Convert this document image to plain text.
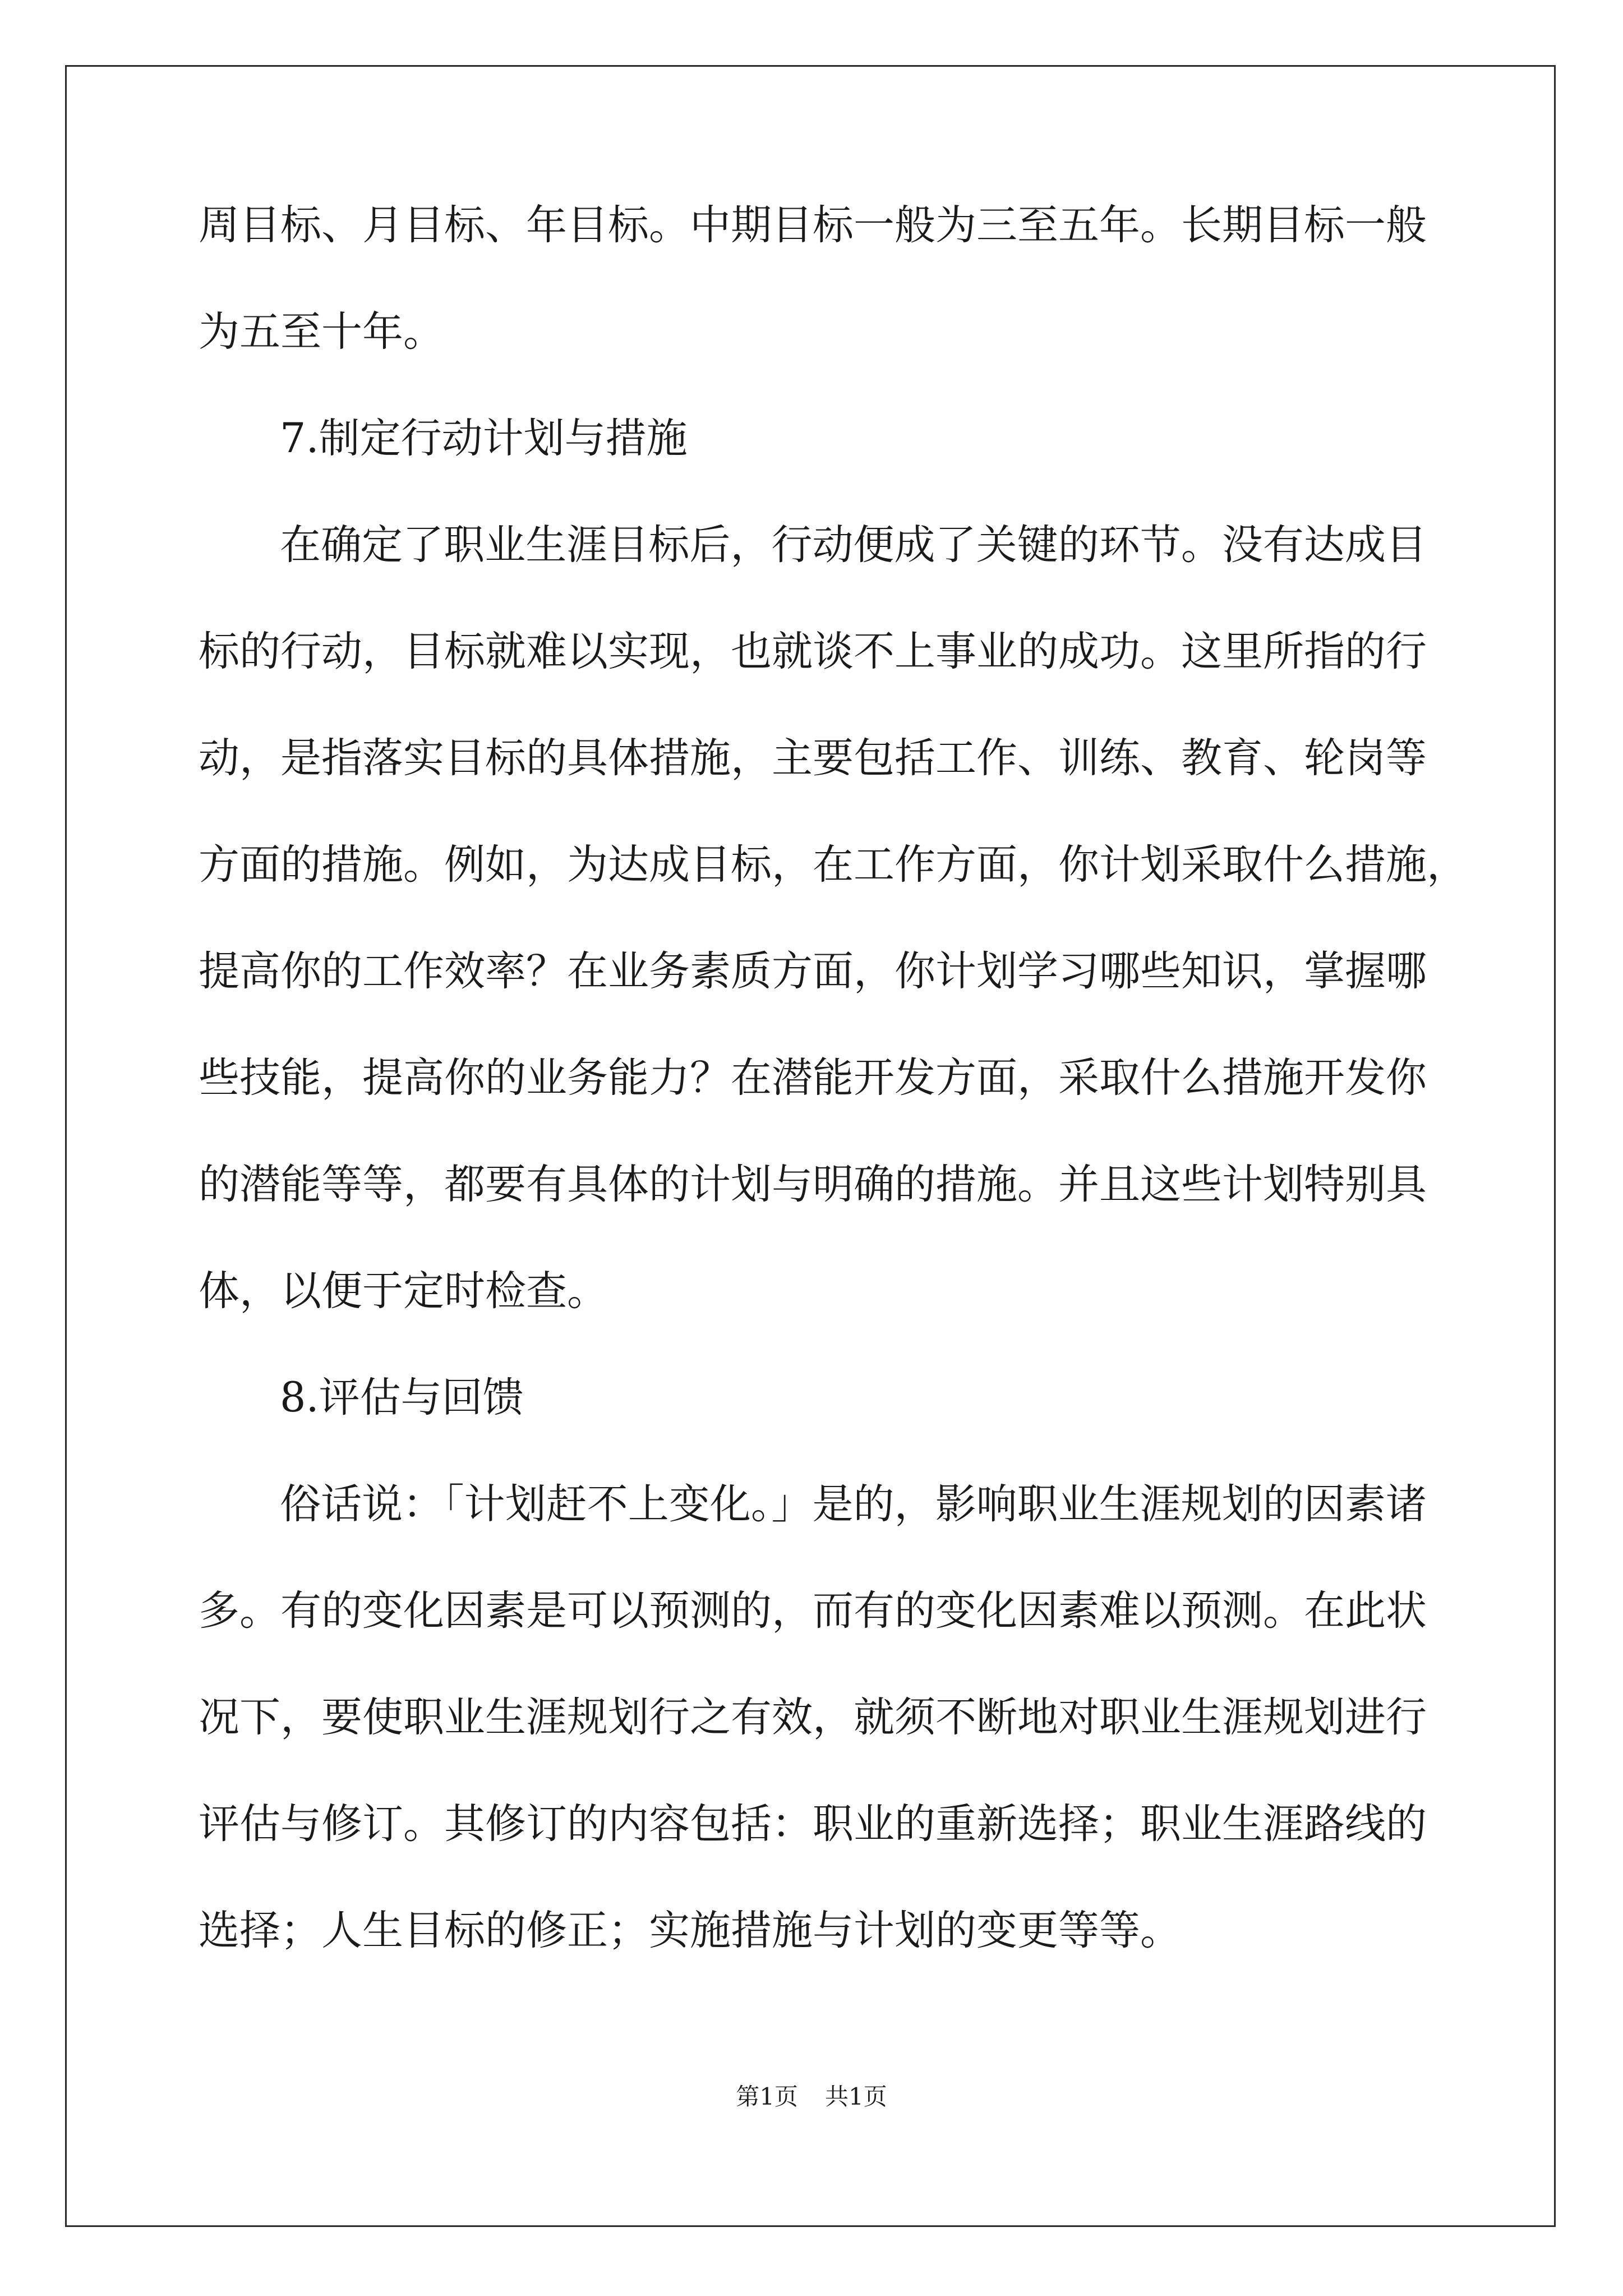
周目标、月目标、年目标。中期目标一般为三至五年。长期目标一般
为五至十年。
7.制定行动计划与措施
在确定了职业生涯目标后，行动便成了关键的环节。没有达成目
标的行动，目标就难以实现，也就谈不上事业的成功。这里所指的行
动，是指落实目标的具体措施，主要包括工作、训练、教育、轮岗等
方面的措施。例如，为达成目标，在工作方面，你计划采取什么措施，
提高你的工作效率？在业务素质方面，你计划学习哪些知识，掌握哪
些技能，提高你的业务能力？在潜能开发方面，采取什么措施开发你
的潜能等等，都要有具体的计划与明确的措施。并且这些计划特别具
体，以便于定时检查。
8.评估与回馈
俗话说：「计划赶不上变化。」是的，影响职业生涯规划的因素诸
多。有的变化因素是可以预测的，而有的变化因素难以预测。在此状
况下，要使职业生涯规划行之有效，就须不断地对职业生涯规划进行
评估与修订。其修订的内容包括：职业的重新选择；职业生涯路线的
选择；人生目标的修正；实施措施与计划的变更等等。
第1页 共1页
